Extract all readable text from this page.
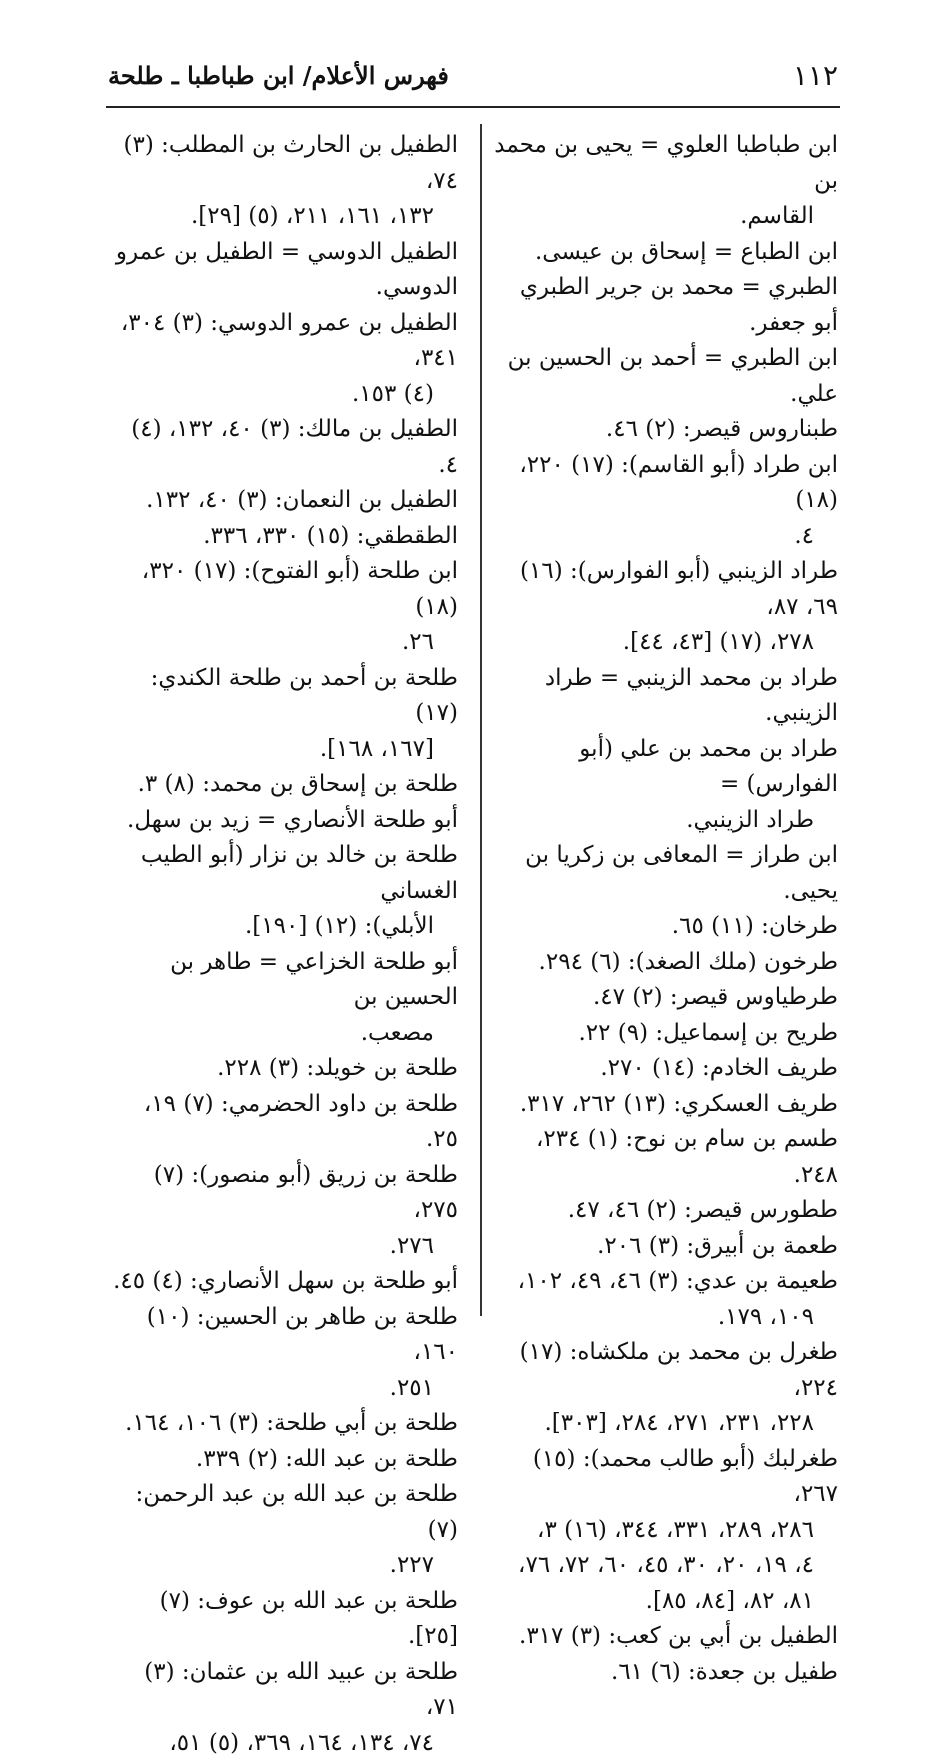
١١٢
فهرس الأعلام/ ابن طباطبا ـ طلحة
ابن طباطبا العلوي = يحيى بن محمد بن
القاسم.
ابن الطباع = إسحاق بن عيسى.
الطبري = محمد بن جرير الطبري أبو جعفر.
ابن الطبري = أحمد بن الحسين بن علي.
طبناروس قيصر: (٢) ٤٦.
ابن طراد (أبو القاسم): (١٧) ٢٢٠، (١٨)
٤.
طراد الزينبي (أبو الفوارس): (١٦) ٦٩، ٨٧،
٢٧٨، (١٧) [٤٣، ٤٤].
طراد بن محمد الزينبي = طراد الزينبي.
طراد بن محمد بن علي (أبو الفوارس) =
طراد الزينبي.
ابن طراز = المعافى بن زكريا بن يحيى.
طرخان: (١١) ٦٥.
طرخون (ملك الصغد): (٦) ٢٩٤.
طرطياوس قيصر: (٢) ٤٧.
طريح بن إسماعيل: (٩) ٢٢.
طريف الخادم: (١٤) ٢٧٠.
طريف العسكري: (١٣) ٢٦٢، ٣١٧.
طسم بن سام بن نوح: (١) ٢٣٤، ٢٤٨.
ططورس قيصر: (٢) ٤٦، ٤٧.
طعمة بن أبيرق: (٣) ٢٠٦.
طعيمة بن عدي: (٣) ٤٦، ٤٩، ١٠٢،
١٠٩، ١٧٩.
طغرل بن محمد بن ملكشاه: (١٧) ٢٢٤،
٢٢٨، ٢٣١، ٢٧١، ٢٨٤، [٣٠٣].
طغرلبك (أبو طالب محمد): (١٥) ٢٦٧،
٢٨٦، ٢٨٩، ٣٣١، ٣٤٤، (١٦) ٣،
٤، ١٩، ٢٠، ٣٠، ٤٥، ٦٠، ٧٢، ٧٦،
٨١، ٨٢، [٨٤، ٨٥].
الطفيل بن أبي بن كعب: (٣) ٣١٧.
طفيل بن جعدة: (٦) ٦١.
الطفيل بن الحارث بن المطلب: (٣) ٧٤،
١٣٢، ١٦١، ٢١١، (٥) [٢٩].
الطفيل الدوسي = الطفيل بن عمرو الدوسي.
الطفيل بن عمرو الدوسي: (٣) ٣٠٤، ٣٤١،
(٤) ١٥٣.
الطفيل بن مالك: (٣) ٤٠، ١٣٢، (٤) ٤.
الطفيل بن النعمان: (٣) ٤٠، ١٣٢.
الطقطقي: (١٥) ٣٣٠، ٣٣٦.
ابن طلحة (أبو الفتوح): (١٧) ٣٢٠، (١٨)
٢٦.
طلحة بن أحمد بن طلحة الكندي: (١٧)
[١٦٧، ١٦٨].
طلحة بن إسحاق بن محمد: (٨) ٣.
أبو طلحة الأنصاري = زيد بن سهل.
طلحة بن خالد بن نزار (أبو الطيب الغساني
الأبلي): (١٢) [١٩٠].
أبو طلحة الخزاعي = طاهر بن الحسين بن
مصعب.
طلحة بن خويلد: (٣) ٢٢٨.
طلحة بن داود الحضرمي: (٧) ١٩، ٢٥.
طلحة بن زريق (أبو منصور): (٧) ٢٧٥،
٢٧٦.
أبو طلحة بن سهل الأنصاري: (٤) ٤٥.
طلحة بن طاهر بن الحسين: (١٠) ١٦٠،
٢٥١.
طلحة بن أبي طلحة: (٣) ١٠٦، ١٦٤.
طلحة بن عبد الله: (٢) ٣٣٩.
طلحة بن عبد الله بن عبد الرحمن: (٧)
٢٢٧.
طلحة بن عبد الله بن عوف: (٧) [٢٥].
طلحة بن عبيد الله بن عثمان: (٣) ٧١،
٧٤، ١٣٤، ١٦٤، ٣٦٩، (٥) ٥١،
